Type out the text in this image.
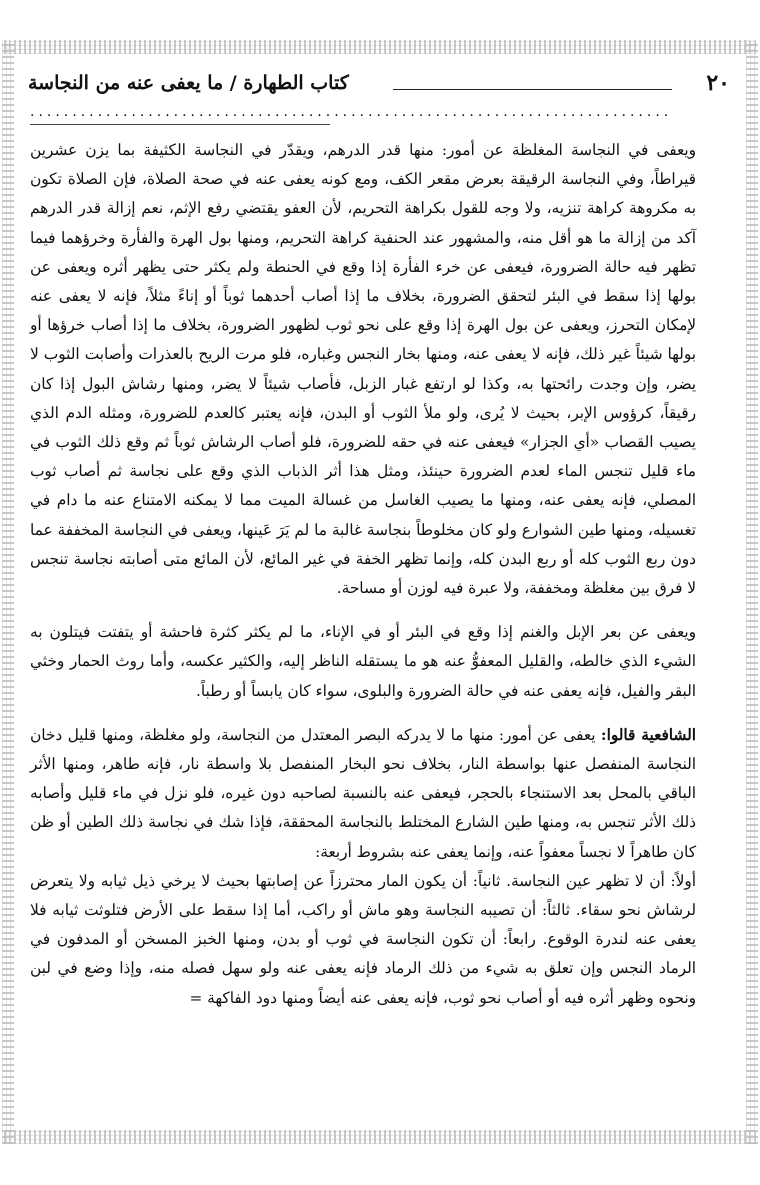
٢٠
كتاب الطهارة / ما يعفى عنه من النجاسة
............................................................................

ويعفى في النجاسة المغلظة عن أمور: منها قدر الدرهم، ويقدّر في النجاسة الكثيفة بما يزن عشرين قيراطاً، وفي النجاسة الرقيقة بعرض مقعر الكف، ومع كونه يعفى عنه في صحة الصلاة، فإن الصلاة تكون به مكروهة كراهة تنزيه، ولا وجه للقول بكراهة التحريم، لأن العفو يقتضي رفع الإثم، نعم إزالة قدر الدرهم آكد من إزالة ما هو أقل منه، والمشهور عند الحنفية كراهة التحريم، ومنها بول الهرة والفأرة وخرؤهما فيما تظهر فيه حالة الضرورة، فيعفى عن خرء الفأرة إذا وقع في الحنطة ولم يكثر حتى يظهر أثره ويعفى عن بولها إذا سقط في البئر لتحقق الضرورة، بخلاف ما إذا أصاب أحدهما ثوباً أو إناءً مثلاً، فإنه لا يعفى عنه لإمكان التحرز، ويعفى عن بول الهرة إذا وقع على نحو ثوب لظهور الضرورة، بخلاف ما إذا أصاب خرؤها أو بولها شيئاً غير ذلك، فإنه لا يعفى عنه، ومنها بخار النجس وغباره، فلو مرت الريح بالعذرات وأصابت الثوب لا يضر، وإن وجدت رائحتها به، وكذا لو ارتفع غبار الزبل، فأصاب شيئاً لا يضر، ومنها رشاش البول إذا كان رقيقاً، كرؤوس الإبر، بحيث لا يُرى، ولو ملأ الثوب أو البدن، فإنه يعتبر كالعدم للضرورة، ومثله الدم الذي يصيب القصاب «أي الجزار» فيعفى عنه في حقه للضرورة، فلو أصاب الرشاش ثوباً ثم وقع ذلك الثوب في ماء قليل تنجس الماء لعدم الضرورة حينئذ، ومثل هذا أثر الذباب الذي وقع على نجاسة ثم أصاب ثوب المصلي، فإنه يعفى عنه، ومنها ما يصيب الغاسل من غسالة الميت مما لا يمكنه الامتناع عنه ما دام في تغسيله، ومنها طين الشوارع ولو كان مخلوطاً بنجاسة غالبة ما لم يَرَ عَينها، ويعفى في النجاسة المخففة عما دون ربع الثوب كله أو ربع البدن كله، وإنما تظهر الخفة في غير المائع، لأن المائع متى أصابته نجاسة تنجس لا فرق بين مغلظة ومخففة، ولا عبرة فيه لوزن أو مساحة.

ويعفى عن بعر الإبل والغنم إذا وقع في البئر أو في الإناء، ما لم يكثر كثرة فاحشة أو يتفتت فيتلون به الشيء الذي خالطه، والقليل المعفوُّ عنه هو ما يستقله الناظر إليه، والكثير عكسه، وأما روث الحمار وخثي البقر والفيل، فإنه يعفى عنه في حالة الضرورة والبلوى، سواء كان يابساً أو رطباً.

الشافعية قالوا: يعفى عن أمور: منها ما لا يدركه البصر المعتدل من النجاسة، ولو مغلظة، ومنها قليل دخان النجاسة المنفصل عنها بواسطة النار، بخلاف نحو البخار المنفصل بلا واسطة نار، فإنه طاهر، ومنها الأثر الباقي بالمحل بعد الاستنجاء بالحجر، فيعفى عنه بالنسبة لصاحبه دون غيره، فلو نزل في ماء قليل وأصابه ذلك الأثر تنجس به، ومنها طين الشارع المختلط بالنجاسة المحققة، فإذا شك في نجاسة ذلك الطين أو ظن كان طاهراً لا نجساً معفواً عنه، وإنما يعفى عنه بشروط أربعة:

أولاً: أن لا تظهر عين النجاسة. ثانياً: أن يكون المار محترزاً عن إصابتها بحيث لا يرخي ذيل ثيابه ولا يتعرض لرشاش نحو سقاء. ثالثاً: أن تصيبه النجاسة وهو ماش أو راكب، أما إذا سقط على الأرض فتلوثت ثيابه فلا يعفى عنه لندرة الوقوع. رابعاً: أن تكون النجاسة في ثوب أو بدن، ومنها الخبز المسخن أو المدفون في الرماد النجس وإن تعلق به شيء من ذلك الرماد فإنه يعفى عنه ولو سهل فصله منه، وإذا وضع في لبن ونحوه وظهر أثره فيه أو أصاب نحو ثوب، فإنه يعفى عنه أيضاً ومنها دود الفاكهة =
